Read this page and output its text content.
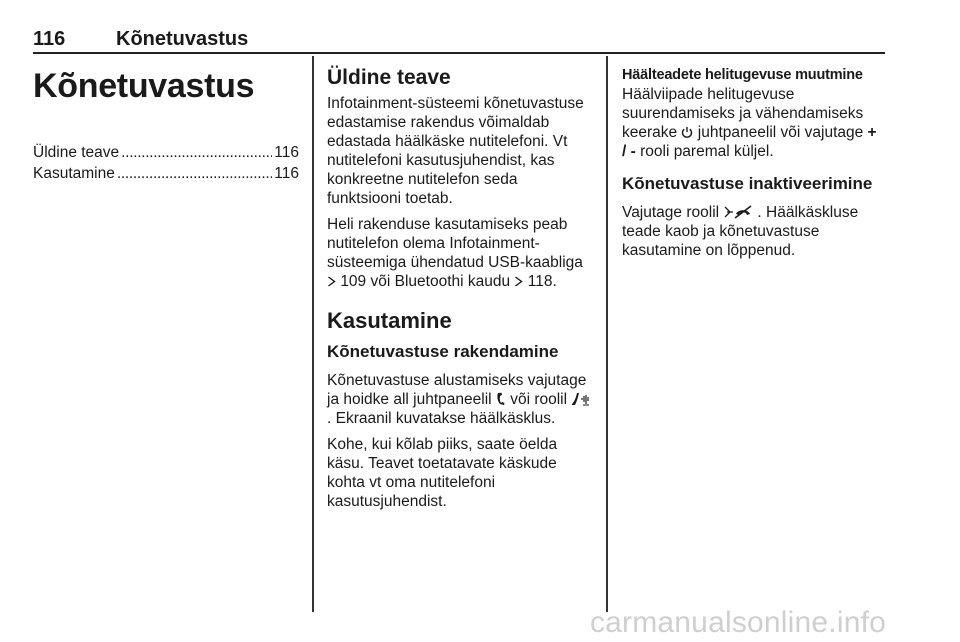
116	Kõnetuvastus
Kõnetuvastus
Üldine teave . . .	116
Kasutamine . . .	116
Üldine teave

Infotainment-süsteemi kõnetuvastuse edastamise rakendus võimaldab edastada häälkäske nutitelefoni. Vt nutitelefoni kasutusjuhendist, kas konkreetne nutitelefon seda funktsiooni toetab.

Heli rakenduse kasutamiseks peab nutitelefon olema Infotainment-süsteemiga ühendatud USB-kaabliga  109 või Bluetoothi kaudu 118.

Kasutamine
Kõnetuvastuse rakendamine

Kõnetuvastuse alustamiseks vajutage ja hoidke all juhtpaneelil või roolil . Ekraanil kuvatakse häälkäsklus.

Kohe, kui kõlab piiks, saate öelda käsu. Teavet toetatavate käskude kohta vt oma nutitelefoni kasutusjuhendist.

Häälteadete helitugevuse muutmine

Häälviipade helitugevuse suurendamiseks ja vähendamiseks keerake juhtpaneelil või vajutage + / - rooli paremal küljel.

Kõnetuvastuse inaktiveerimine

Vajutage roolil . Häälkäskluse teade kaob ja kõnetuvastuse kasutamine on lõppenud.

carmanualsonline.info
